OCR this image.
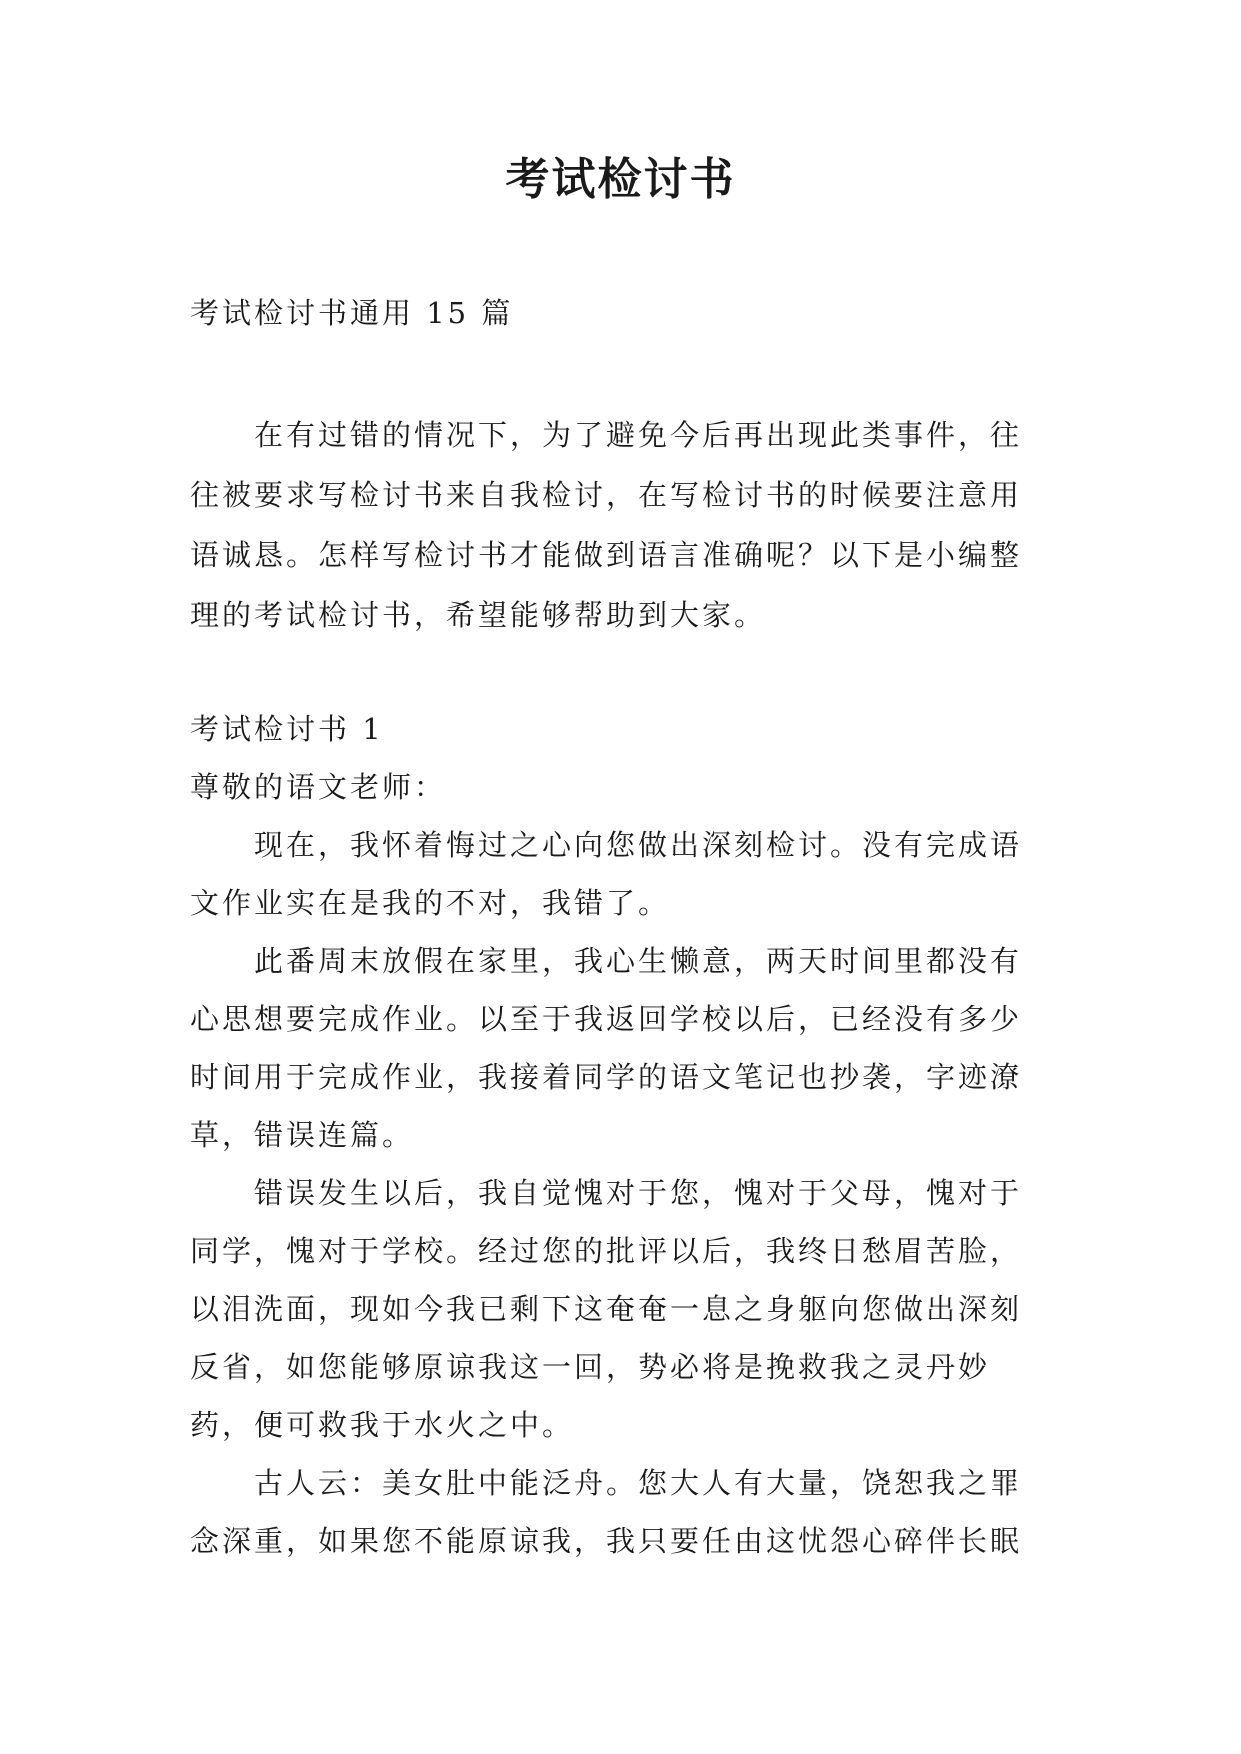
考试检讨书
考试检讨书通用 15 篇

在有过错的情况下，为了避免今后再出现此类事件，往往被要求写检讨书来自我检讨，在写检讨书的时候要注意用语诚恳。怎样写检讨书才能做到语言准确呢？以下是小编整理的考试检讨书，希望能够帮助到大家。

考试检讨书 1

尊敬的语文老师：

现在，我怀着悔过之心向您做出深刻检讨。没有完成语文作业实在是我的不对，我错了。

此番周末放假在家里，我心生懒意，两天时间里都没有心思想要完成作业。以至于我返回学校以后，已经没有多少时间用于完成作业，我接着同学的语文笔记也抄袭，字迹潦草，错误连篇。

错误发生以后，我自觉愧对于您，愧对于父母，愧对于同学，愧对于学校。经过您的批评以后，我终日愁眉苦脸，以泪洗面，现如今我已剩下这奄奄一息之身躯向您做出深刻反省，如您能够原谅我这一回，势必将是挽救我之灵丹妙药，便可救我于水火之中。

古人云：美女肚中能泛舟。您大人有大量，饶恕我之罪念深重，如果您不能原谅我，我只要任由这忧怨心碎伴长眠
